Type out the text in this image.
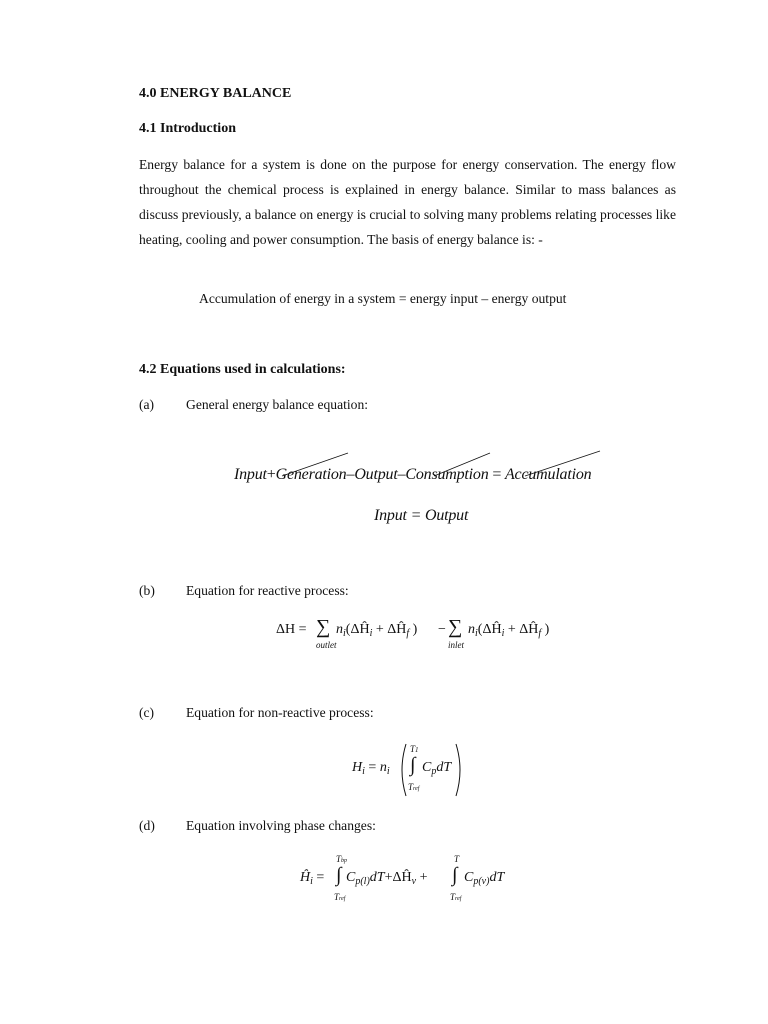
4.0 ENERGY BALANCE
4.1 Introduction
Energy balance for a system is done on the purpose for energy conservation. The energy flow throughout the chemical process is explained in energy balance. Similar to mass balances as discuss previously, a balance on energy is crucial to solving many problems relating processes like heating, cooling and power consumption. The basis of energy balance is: -
Accumulation of energy in a system = energy input – energy output
4.2 Equations used in calculations:
(a) General energy balance equation:
Input+Generation–Output–Consumption = Accumulation
Input = Output
(b) Equation for reactive process:
ΔH = ∑
outlet
$n_i(\Delta Ĥ_i$ + $\Delta Ĥ_f$ ) − ∑
inlet
$n_i(\Delta Ĥ_i$ + $\Delta Ĥ_f$ )
(c) Equation for non-reactive process:
$H_i = n_i$
T1
∫
Tref
$C_pdT$
(d) Equation involving phase changes:
$Ĥ_i$ =
Tbp
∫
Tref
$C_{p(l)}dT+\Delta Ĥ_v$ +
T
∫
Tref
$C_{p(v)}dT$
